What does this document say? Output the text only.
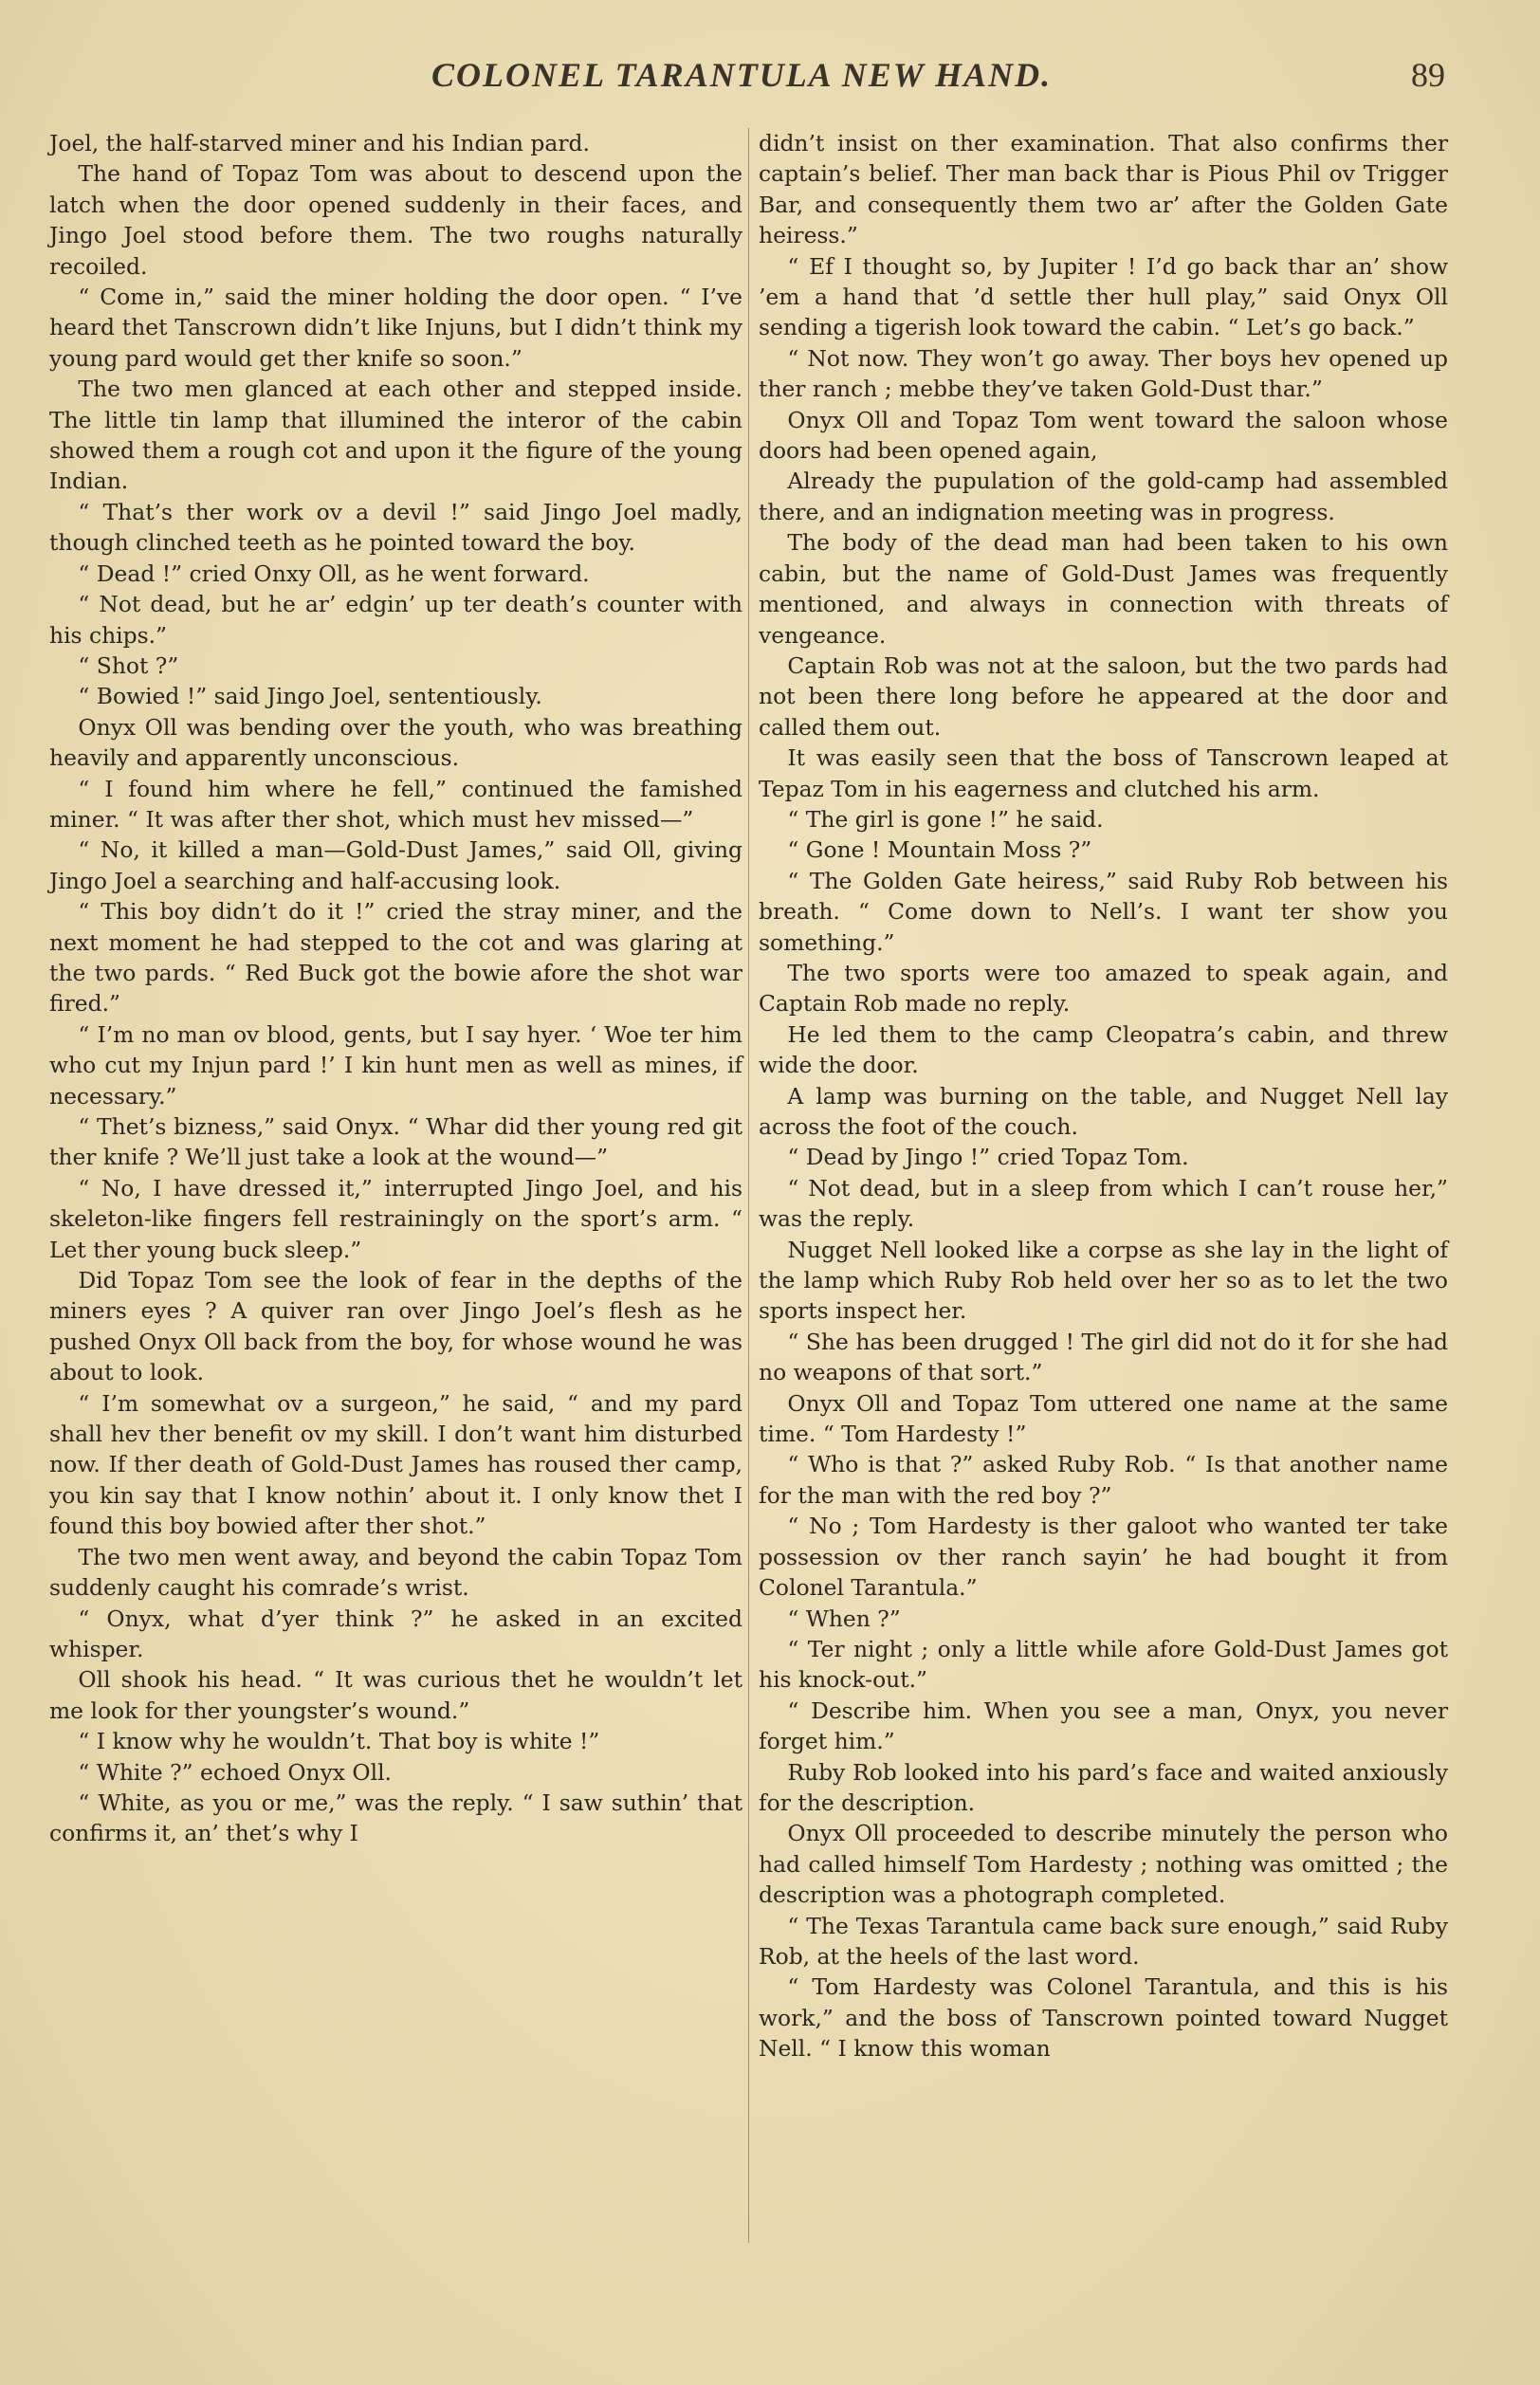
COLONEL TARANTULA NEW HAND.	89

Joel, the half-starved miner and his Indian pard.

The hand of Topaz Tom was about to descend upon the latch when the door opened suddenly in their faces, and Jingo Joel stood before them. The two roughs naturally recoiled.

“ Come in,” said the miner holding the door open. “ I’ve heard thet Tanscrown didn’t like Injuns, but I didn’t think my young pard would get ther knife so soon.”

The two men glanced at each other and stepped inside. The little tin lamp that illumined the interor of the cabin showed them a rough cot and upon it the figure of the young Indian.

“ That’s ther work ov a devil !” said Jingo Joel madly, though clinched teeth as he pointed toward the boy.

“ Dead !” cried Onxy Oll, as he went forward.

“ Not dead, but he ar’ edgin’ up ter death’s counter with his chips.”

“ Shot ?”

“ Bowied !” said Jingo Joel, sententiously.

Onyx Oll was bending over the youth, who was breathing heavily and apparently unconscious.

“ I found him where he fell,” continued the famished miner. “ It was after ther shot, which must hev missed—”

“ No, it killed a man—Gold-Dust James,” said Oll, giving Jingo Joel a searching and half-accusing look.

“ This boy didn’t do it !” cried the stray miner, and the next moment he had stepped to the cot and was glaring at the two pards. “ Red Buck got the bowie afore the shot war fired.”

“ I’m no man ov blood, gents, but I say hyer. ‘ Woe ter him who cut my Injun pard !’ I kin hunt men as well as mines, if necessary.”

“ Thet’s bizness,” said Onyx. “ Whar did ther young red git ther knife ? We’ll just take a look at the wound—”

“ No, I have dressed it,” interrupted Jingo Joel, and his skeleton-like fingers fell restrainingly on the sport’s arm. “ Let ther young buck sleep.”

Did Topaz Tom see the look of fear in the depths of the miners eyes ? A quiver ran over Jingo Joel’s flesh as he pushed Onyx Oll back from the boy, for whose wound he was about to look.

“ I’m somewhat ov a surgeon,” he said, “ and my pard shall hev ther benefit ov my skill. I don’t want him disturbed now. If ther death of Gold-Dust James has roused ther camp, you kin say that I know nothin’ about it. I only know thet I found this boy bowied after ther shot.”

The two men went away, and beyond the cabin Topaz Tom suddenly caught his comrade’s wrist.

“ Onyx, what d’yer think ?” he asked in an excited whisper.

Oll shook his head. “ It was curious thet he wouldn’t let me look for ther youngster’s wound.”

“ I know why he wouldn’t. That boy is white !”

“ White ?” echoed Onyx Oll.

“ White, as you or me,” was the reply. “ I saw suthin’ that confirms it, an’ thet’s why I

didn’t insist on ther examination. That also confirms ther captain’s belief. Ther man back thar is Pious Phil ov Trigger Bar, and consequently them two ar’ after the Golden Gate heiress.”

“ Ef I thought so, by Jupiter ! I’d go back thar an’ show ’em a hand that ’d settle ther hull play,” said Onyx Oll sending a tigerish look toward the cabin. “ Let’s go back.”

“ Not now. They won’t go away. Ther boys hev opened up ther ranch ; mebbe they’ve taken Gold-Dust thar.”

Onyx Oll and Topaz Tom went toward the saloon whose doors had been opened again,

Already the pupulation of the gold-camp had assembled there, and an indignation meeting was in progress.

The body of the dead man had been taken to his own cabin, but the name of Gold-Dust James was frequently mentioned, and always in connection with threats of vengeance.

Captain Rob was not at the saloon, but the two pards had not been there long before he appeared at the door and called them out.

It was easily seen that the boss of Tanscrown leaped at Tepaz Tom in his eagerness and clutched his arm.

“ The girl is gone !” he said.

“ Gone ! Mountain Moss ?”

“ The Golden Gate heiress,” said Ruby Rob between his breath. “ Come down to Nell’s. I want ter show you something.”

The two sports were too amazed to speak again, and Captain Rob made no reply.

He led them to the camp Cleopatra’s cabin, and threw wide the door.

A lamp was burning on the table, and Nugget Nell lay across the foot of the couch.

“ Dead by Jingo !” cried Topaz Tom.

“ Not dead, but in a sleep from which I can’t rouse her,” was the reply.

Nugget Nell looked like a corpse as she lay in the light of the lamp which Ruby Rob held over her so as to let the two sports inspect her.

“ She has been drugged ! The girl did not do it for she had no weapons of that sort.”

Onyx Oll and Topaz Tom uttered one name at the same time. “ Tom Hardesty !”

“ Who is that ?” asked Ruby Rob. “ Is that another name for the man with the red boy ?”

“ No ; Tom Hardesty is ther galoot who wanted ter take possession ov ther ranch sayin’ he had bought it from Colonel Tarantula.”

“ When ?”

“ Ter night ; only a little while afore Gold-Dust James got his knock-out.”

“ Describe him. When you see a man, Onyx, you never forget him.”

Ruby Rob looked into his pard’s face and waited anxiously for the description.

Onyx Oll proceeded to describe minutely the person who had called himself Tom Hardesty ; nothing was omitted ; the description was a photograph completed.

“ The Texas Tarantula came back sure enough,” said Ruby Rob, at the heels of the last word.

“ Tom Hardesty was Colonel Tarantula, and this is his work,” and the boss of Tanscrown pointed toward Nugget Nell. “ I know this woman
